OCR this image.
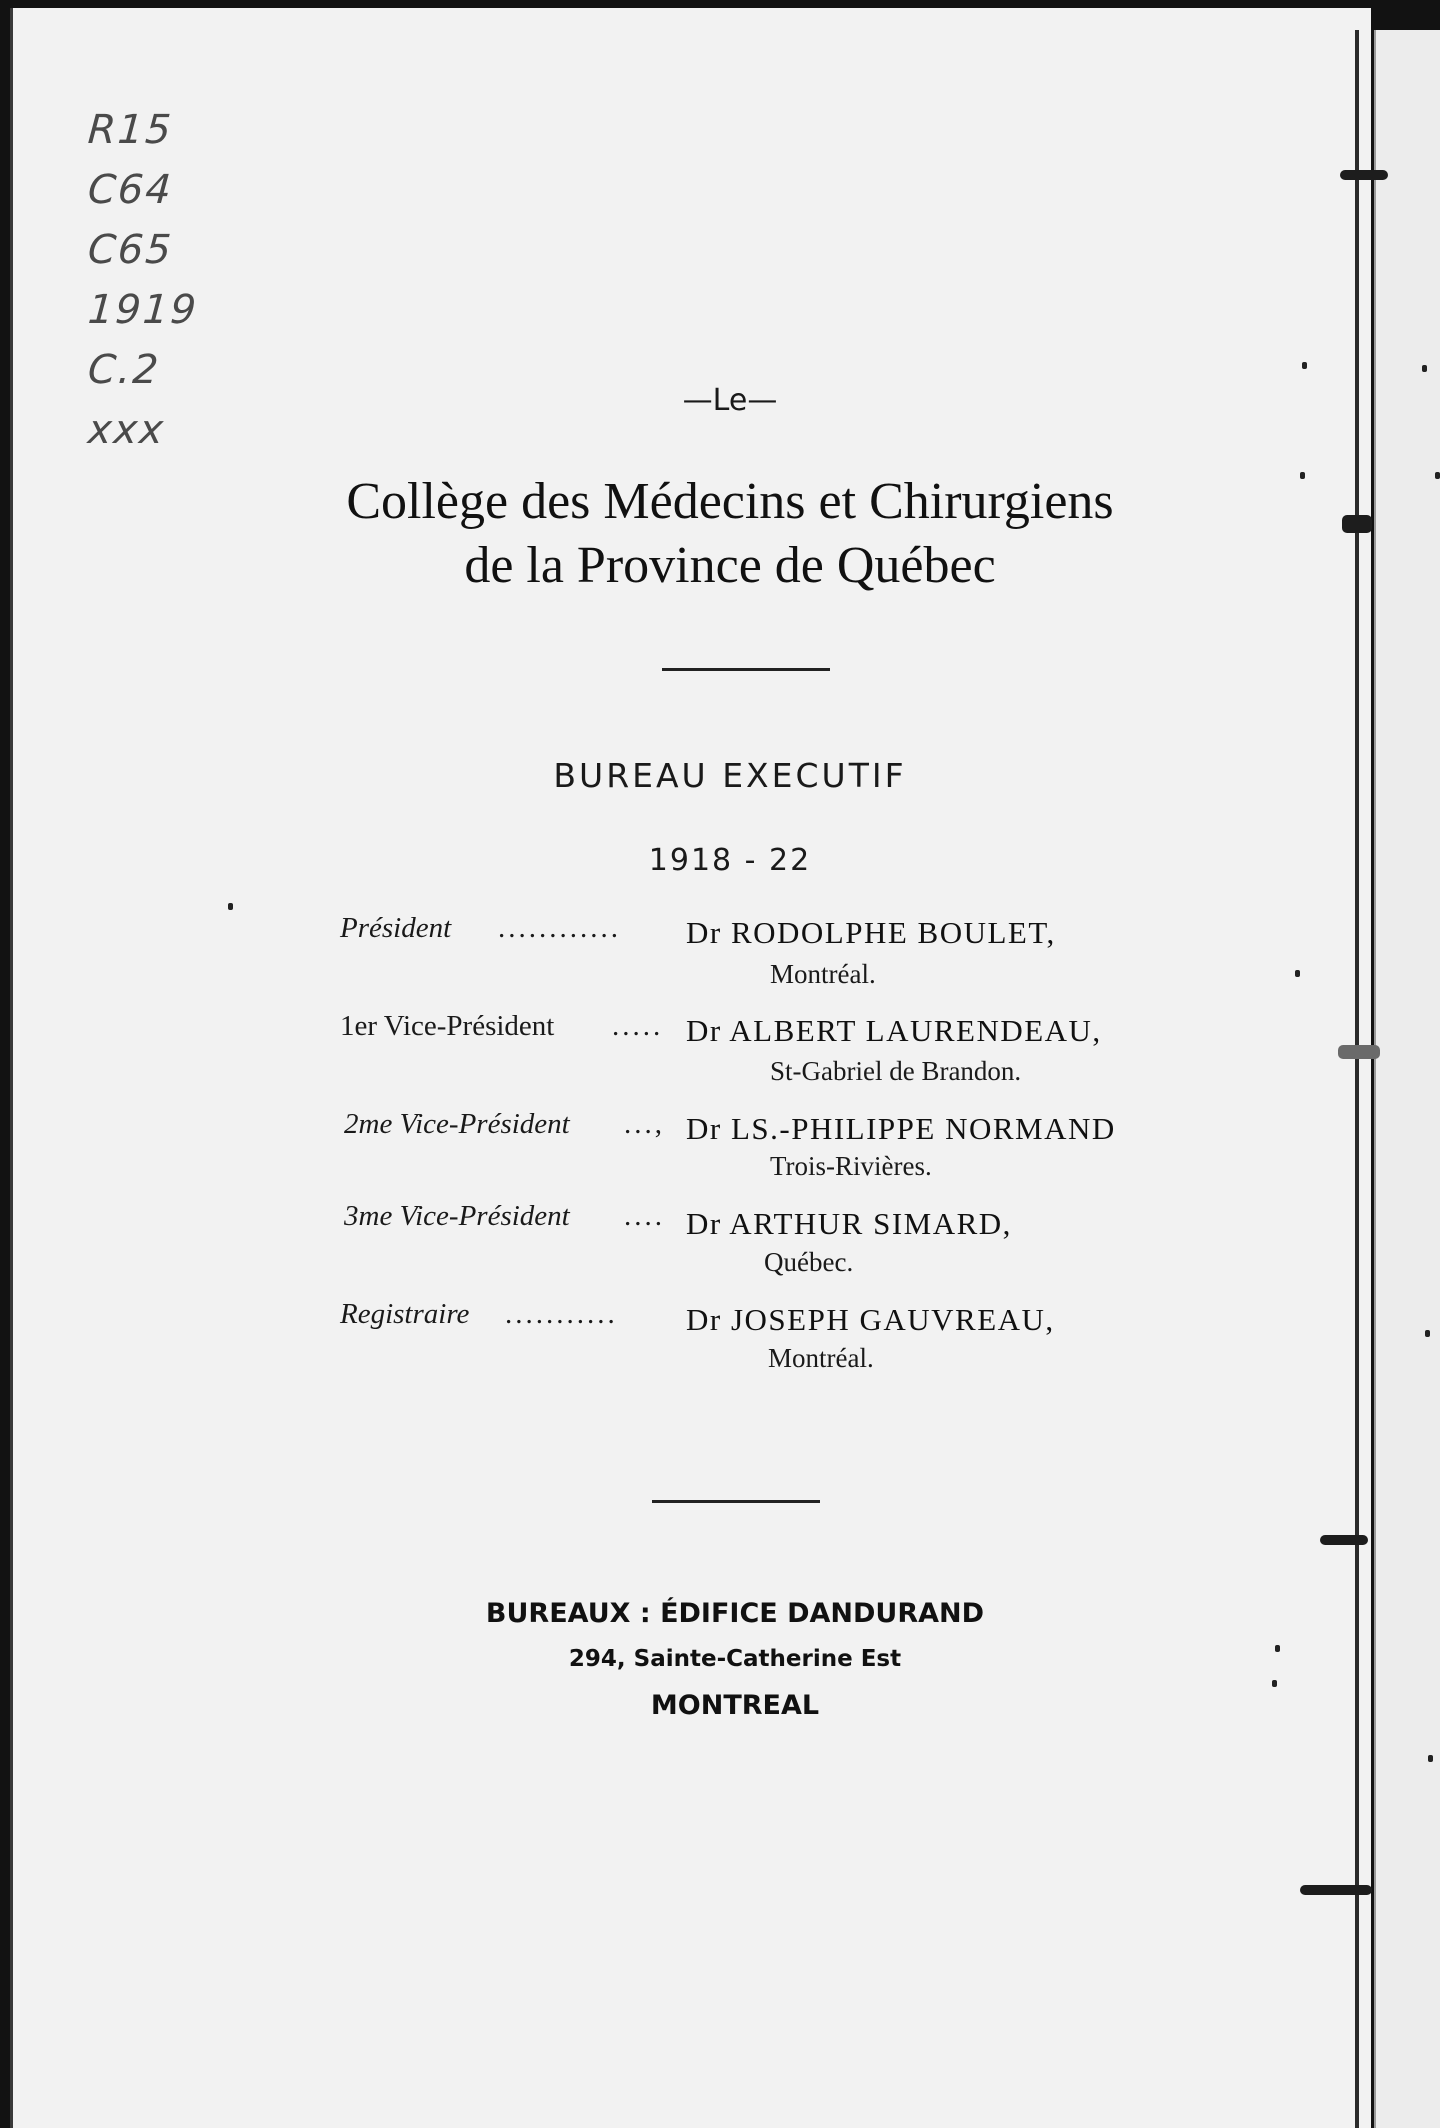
R15
C64
C65
1919
C.2
xxx
—Le—
Collège des Médecins et Chirurgiens
de la Province de Québec
BUREAU EXECUTIF
1918 - 22
Président ............ Dr RODOLPHE BOULET,
Montréal.
1er Vice-Président ..... Dr ALBERT LAURENDEAU,
St-Gabriel de Brandon.
2me Vice-Président ..., Dr LS.-PHILIPPE NORMAND
Trois-Rivières.
3me Vice-Président .... Dr ARTHUR SIMARD,
Québec.
Registraire ........... Dr JOSEPH GAUVREAU,
Montréal.
BUREAUX : ÉDIFICE DANDURAND
294, Sainte-Catherine Est
MONTREAL
